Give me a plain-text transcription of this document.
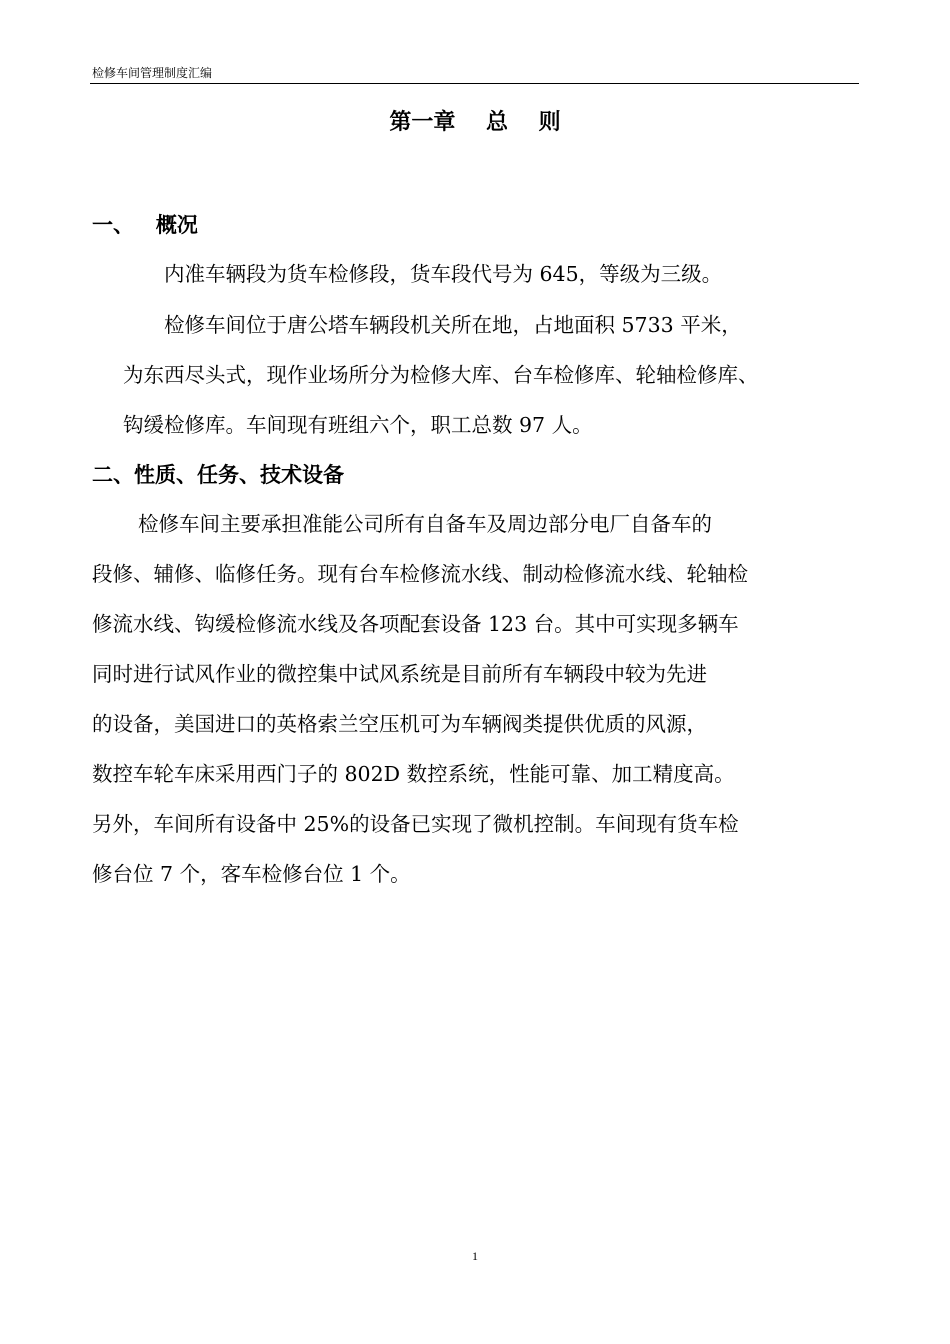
检修车间管理制度汇编
第一章    总    则
一、   概况
内准车辆段为货车检修段，货车段代号为 645，等级为三级。
检修车间位于唐公塔车辆段机关所在地，占地面积 5733 平米，
为东西尽头式，现作业场所分为检修大库、台车检修库、轮轴检修库、
钩缓检修库。车间现有班组六个，职工总数 97 人。
二、性质、任务、技术设备
检修车间主要承担准能公司所有自备车及周边部分电厂自备车的
段修、辅修、临修任务。现有台车检修流水线、制动检修流水线、轮轴检
修流水线、钩缓检修流水线及各项配套设备 123 台。其中可实现多辆车
同时进行试风作业的微控集中试风系统是目前所有车辆段中较为先进
的设备，美国进口的英格索兰空压机可为车辆阀类提供优质的风源，
数控车轮车床采用西门子的 802D 数控系统，性能可靠、加工精度高。
另外，车间所有设备中 25%的设备已实现了微机控制。车间现有货车检
修台位 7 个，客车检修台位 1 个。
1
